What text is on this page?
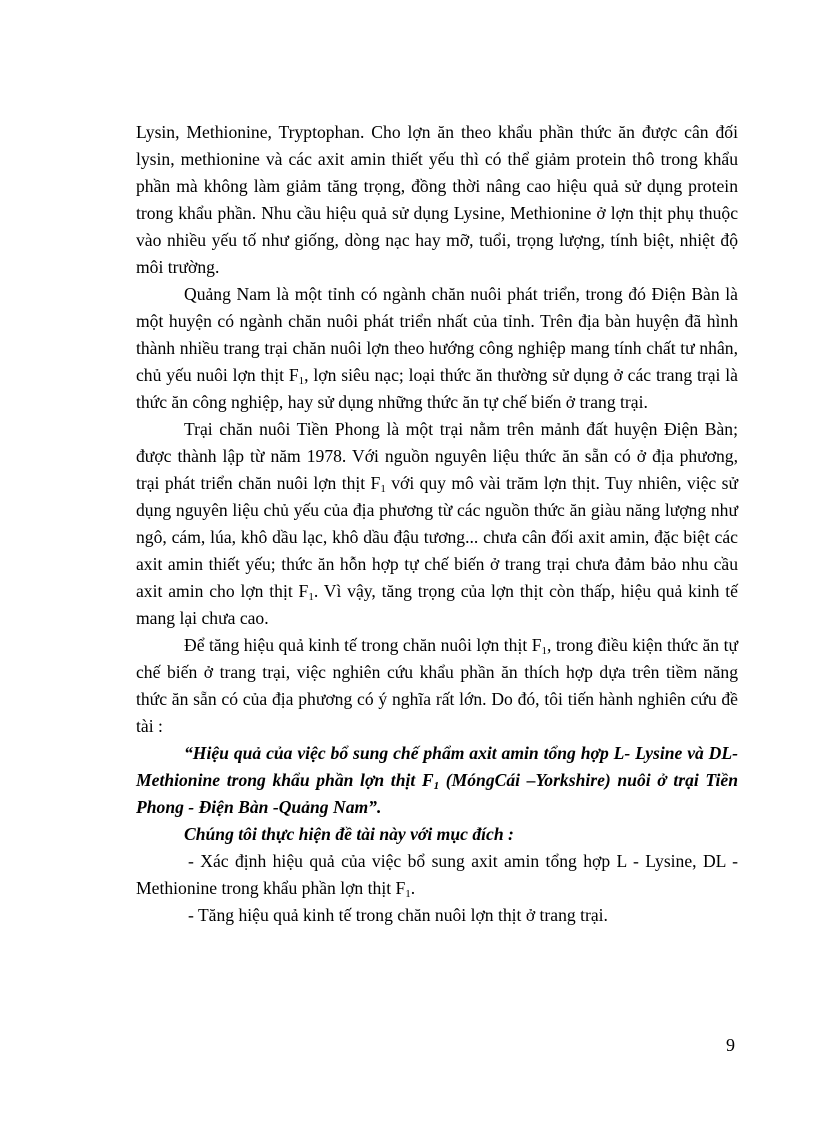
Lysin, Methionine, Tryptophan. Cho lợn ăn theo khẩu phần thức ăn được cân đối lysin, methionine và các axit amin thiết yếu thì có thể giảm protein thô trong khẩu phần mà không làm giảm tăng trọng, đồng thời nâng cao hiệu quả sử dụng protein trong khẩu phần. Nhu cầu hiệu quả sử dụng Lysine, Methionine ở lợn thịt phụ thuộc vào nhiều yếu tố như giống, dòng nạc hay mỡ, tuổi, trọng lượng, tính biệt, nhiệt độ môi trường.

Quảng Nam là một tỉnh có ngành chăn nuôi phát triển, trong đó Điện Bàn là một huyện có ngành chăn nuôi phát triển nhất của tỉnh. Trên địa bàn huyện đã hình thành nhiều trang trại chăn nuôi lợn theo hướng công nghiệp mang tính chất tư nhân, chủ yếu nuôi lợn thịt $F_1$, lợn siêu nạc; loại thức ăn thường sử dụng ở các trang trại là thức ăn công nghiệp, hay sử dụng những thức ăn tự chế biến ở trang trại.

Trại chăn nuôi Tiền Phong là một trại nằm trên mảnh đất huyện Điện Bàn; được thành lập từ năm 1978. Với nguồn nguyên liệu thức ăn sẵn có ở địa phương, trại phát triển chăn nuôi lợn thịt $F_1$ với quy mô vài trăm lợn thịt. Tuy nhiên, việc sử dụng nguyên liệu chủ yếu của địa phương từ các nguồn thức ăn giàu năng lượng như ngô, cám, lúa, khô dầu lạc, khô dầu đậu tương... chưa cân đối axit amin, đặc biệt các axit amin thiết yếu; thức ăn hỗn hợp tự chế biến ở trang trại chưa đảm bảo nhu cầu axit amin cho lợn thịt $F_1$. Vì vậy, tăng trọng của lợn thịt còn thấp, hiệu quả kinh tế mang lại chưa cao.

Để tăng hiệu quả kinh tế trong chăn nuôi lợn thịt $F_1$, trong điều kiện thức ăn tự chế biến ở trang trại, việc nghiên cứu khẩu phần ăn thích hợp dựa trên tiềm năng thức ăn sẵn có của địa phương có ý nghĩa rất lớn. Do đó, tôi tiến hành nghiên cứu đề tài :

“Hiệu quả của việc bổ sung chế phẩm axit amin tổng hợp L- Lysine và DL-Methionine trong khẩu phần lợn thịt $F_1$ (MóngCái –Yorkshire) nuôi ở trại Tiền Phong - Điện Bàn -Quảng Nam”.

Chúng tôi thực hiện đề tài này với mục đích :

- Xác định hiệu quả của việc bổ sung axit amin tổng hợp L - Lysine, DL - Methionine trong khẩu phần lợn thịt $F_1$.

- Tăng hiệu quả kinh tế trong chăn nuôi lợn thịt ở trang trại.

9
